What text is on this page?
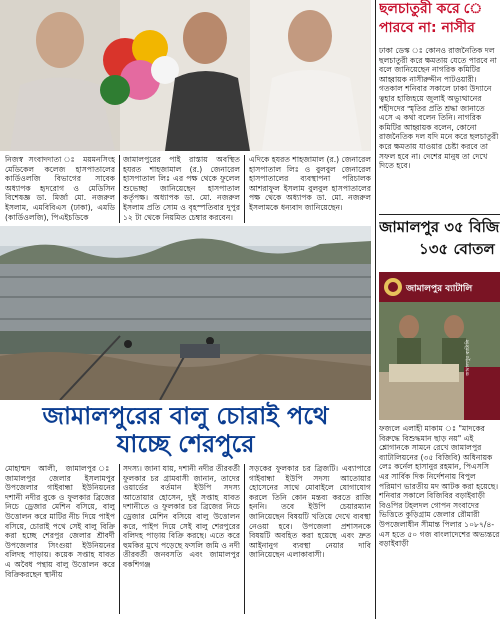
নিজস্ব সংবাদদাতা ঃ ময়মনসিংহ মেডিকেল কলেজ হাসপাতালের কার্ডিওলজি বিভাগের সাবেক অধ্যাপক হৃদরোগ ও মেডিসিন বিশেষজ্ঞ ডা. মির্জা মো. নজরুল ইসলাম, এমবিবিএস (ঢাকা), এমডি (কার্ডিওলজি), পিএইচডিকে
জামালপুরের পাই রাস্তায় অবস্থিত হযরত শাহজামাল (র.) জেনারেল হাসপাতাল লিঃ এর পক্ষ থেকে ফুলেল শুভেচ্ছা জানিয়েছেন হাসপাতাল কর্তৃপক্ষ। অধ্যাপক ডা. মো. নজরুল ইসলাম প্রতি সোম ও বৃহস্পতিবার দুপুর ১২ টা থেকে নিয়মিত চেম্বার করবেন।
এদিকে হযরত শাহজামাল (র.) জেনারেল হাসপাতাল লিঃ ও বুলবুল জেনারেল হাসপাতালের ব্যবস্থাপনা পরিচালক আশরাফুল ইসলাম বুলবুল হাসপাতালের পক্ষ থেকে অধ্যাপক ডা. মো. নজরুল ইসলামকে ধন্যবাদ জানিয়েছেন।
জামালপুরের বালু চোরাই পথে
যাচ্ছে শেরপুরে
মোহাম্মদ আলী, জামালপুর ঃ জামালপুর জেলার ইসলামপুর উপজেলার গাইবান্ধা ইউনিয়নের দশানী নদীর বুকে ও ফুলকার ব্রিজের নিচে ড্রেজার মেশিন বসিয়ে, বালু উত্তোলন করে মাটির নীচ দিয়ে পাইপ বসিয়ে, চোরাই পথে সেই বালু বিক্রি করা হচ্ছে শেরপুর জেলার শ্রীবর্দী উপজেলার সিংগুয়া ইউনিয়নের বলিদহ পাড়ায়। কয়েক সপ্তাহ যাবত এ অবৈধ পন্থায় বালু উত্তোলন করে বিক্রিকরছেন স্থানীয়
সদস্য। জানা যায়, দশানী নদীর তীরবর্তী ফুলকার চর গ্রামবাসী জানান, তাদের ওয়ার্ডের বর্তমান ইউপি সদস্য আতোয়ার হোসেন, দুই সপ্তাহ যাবত দশানীতে ও ফুলকার চর ব্রিজের নিচে ড্রেজার মেশিন বসিয়ে বালু উত্তোলন করে, পাইপ দিয়ে সেই বালু শেরপুরের বলিদহ পাড়ায় বিক্রি করছে। এতে করে হুমকির মুখে পড়েছে ফসলি জমি ও নদী তীরবর্তী জনবসতি এবং জামালপুর বকশিগঞ্জ
সড়কের ফুলকার চর ব্রিজটি। এব্যাপারে গাইবান্ধা ইউপি সদস্য আতোয়ার হোসেনের সাথে মোবাইলে যোগাযোগ করলে তিনি কোন মন্তব্য করতে রাজি হননি। তবে ইউপি চেয়ারম্যান জানিয়েছেন বিষয়টি খতিয়ে দেখে ব্যবস্থা নেওয়া হবে। উপজেলা প্রশাসনকে বিষয়টি অবহিত করা হয়েছে এবং দ্রুত আইনানুগ ব্যবস্থা নেয়ার দাবি জানিয়েছেন এলাকাবাসী।
ছলচাতুরী করে ে
পারবে না: নাসীর
ঢাকা ডেস্ক ঃ কোনও রাজনৈতিক দল ছলচাতুরী করে ক্ষমতায় যেতে পারবে না বলে জানিয়েছেন নাগরিক কমিটির আহ্বায়ক নাসীরুদ্দীন পাটওয়ারী। গতকাল শনিবার সকালে ঢাকা উদ্যানে ত্বহার হাজিহয়ে জুলাই অভ্যুত্থানের শহীদদের স্মৃতির প্রতি শ্রদ্ধা জানাতে এসে এ কথা বলেন তিনি। নাগরিক কমিটির আহ্বায়ক বলেন, কোনো রাজনৈতিক দল যদি মনে করে ছলচাতুরী করে ক্ষমতায় যাওয়ার চেষ্টা করবে তা সফল হবে না। দেশের মানুষ তা দেখে দিতে হবে।
জামালপুর ৩৫ বিজি
১৩৫ বোতল
জামালপুর ব্যাটালি
জামালপুর ব্যাটালি
ফজলে এলাহী মাকাম ঃ "মাদকের বিরুদ্ধে বিশুদ্ধমান ছাড় নয়" এই শ্লোগানকে সামনে রেখে জামালপুর ব্যাটালিয়নের (৩৫ বিজিবি) অধিনায়ক লেঃ কর্নেল হাসানুর রহমান, পিএসসি এর সার্বিক দিক নির্দেশনায় বিপুল পরিমাণ ভারতীয় মদ আটক করা হয়েছে। শনিবার সকালে বিজিবির বড়াইবাড়ী বিওপির টহলদল গোপন সংবাদের ভিত্তিতে কুড়িগ্রাম জেলার রৌমারী উপজেলাধীন সীমান্ত পিলার ১০৮৭/৪-এস হতে ৫০ গজ বাংলাদেশের অভ্যন্তরে বড়াইবাড়ী
